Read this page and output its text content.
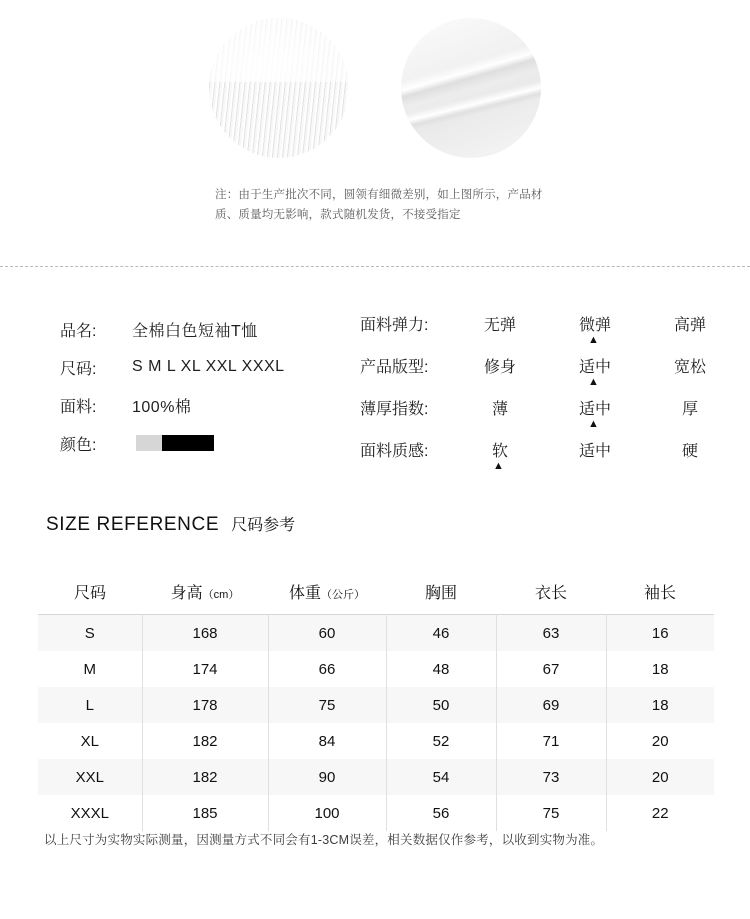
注：由于生产批次不同，圆领有细微差别，如上图所示，产品材质、质量均无影响，款式随机发货，不接受指定
品名:	全棉白色短袖T恤
尺码:	S M L XL XXL XXXL
面料:	100%棉
颜色:
面料弹力:	无弹	微弹	高弹
▲
产品版型:	修身	适中	宽松
▲
薄厚指数:	薄	适中	厚
▲
面料质感:	软	适中	硬
▲
SIZE REFERENCE 尺码参考
尺码	身高（cm）	体重（公斤）	胸围	衣长	袖长
S	168	60	46	63	16
M	174	66	48	67	18
L	178	75	50	69	18
XL	182	84	52	71	20
XXL	182	90	54	73	20
XXXL	185	100	56	75	22
以上尺寸为实物实际测量，因测量方式不同会有1-3CM误差，相关数据仅作参考，以收到实物为准。
